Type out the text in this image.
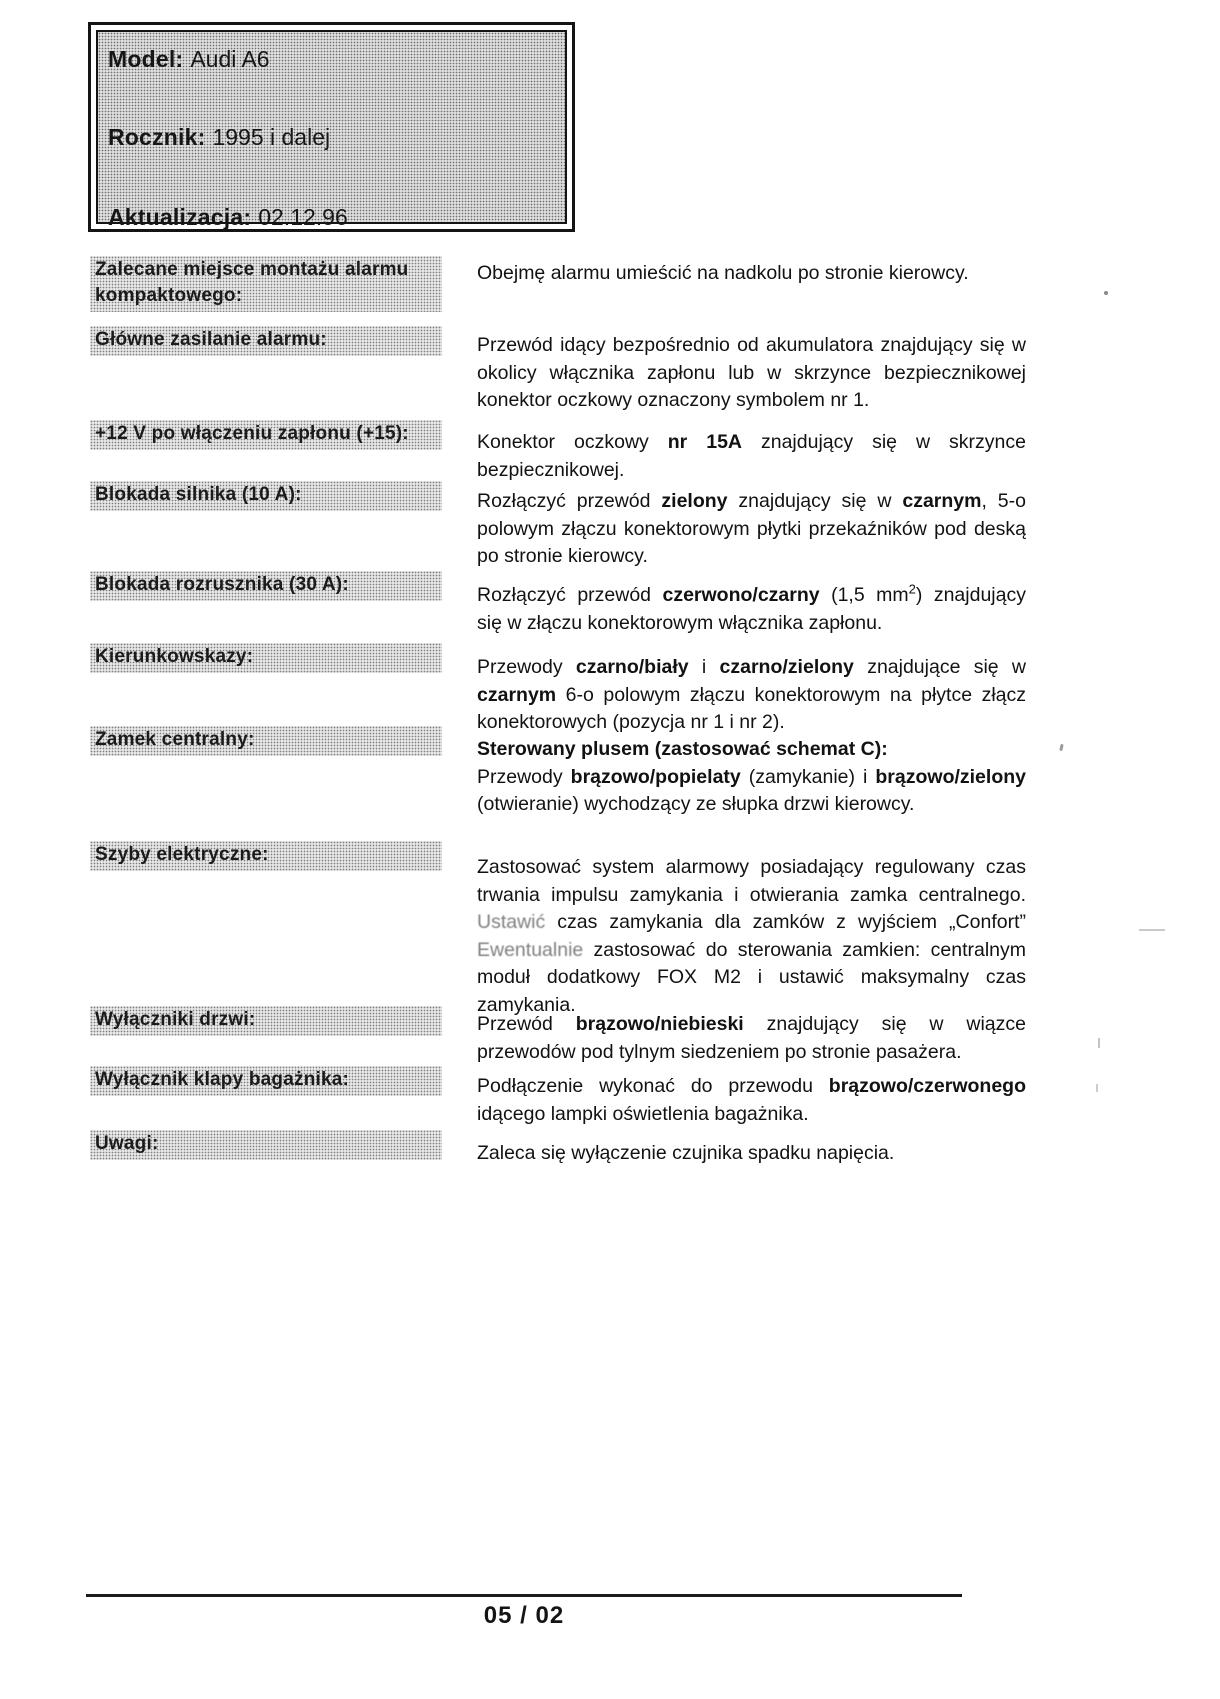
Model: Audi A6
Rocznik: 1995 i dalej
Aktualizacja: 02.12.96
Zalecane miejsce montażu alarmu kompaktowego:
Obejmę alarmu umieścić na nadkolu po stronie kierowcy.
Główne zasilanie alarmu:	Przewód idący bezpośrednio od akumulatora znajdujący się w okolicy włącznika zapłonu lub w skrzynce bezpiecznikowej konektor oczkowy oznaczony symbolem nr 1.
+12 V po włączeniu zapłonu (+15):	Konektor oczkowy nr 15A znajdujący się w skrzynce bezpiecznikowej.
Blokada silnika (10 A):	Rozłączyć przewód zielony znajdujący się w czarnym, 5-o polowym złączu konektorowym płytki przekaźników pod deską po stronie kierowcy.
Blokada rozrusznika (30 A):	Rozłączyć przewód czerwono/czarny (1,5 $mm^2$) znajdujący się w złączu konektorowym włącznika zapłonu.
Kierunkowskazy:	Przewody czarno/biały i czarno/zielony znajdujące się w czarnym 6-o polowym złączu konektorowym na płytce złącz konektorowych (pozycja nr 1 i nr 2).
Zamek centralny:	Sterowany plusem (zastosować schemat C):
Przewody brązowo/popielaty (zamykanie) i brązowo/zielony (otwieranie) wychodzący ze słupka drzwi kierowcy.
Szyby elektryczne:
Zastosować system alarmowy posiadający regulowany czas trwania impulsu zamykania i otwierania zamka centralnego. Ustawić czas zamykania dla zamków z wyjściem „Confort” Ewentualnie zastosować do sterowania zamkien: centralnym moduł dodatkowy FOX M2 i ustawić maksymalny czas zamykania.
Wyłączniki drzwi:	Przewód brązowo/niebieski znajdujący się w wiązce przewodów pod tylnym siedzeniem po stronie pasażera.
Wyłącznik klapy bagażnika:	Podłączenie wykonać do przewodu brązowo/czerwonego idącego lampki oświetlenia bagażnika.
Uwagi:	Zaleca się wyłączenie czujnika spadku napięcia.
05 / 02
